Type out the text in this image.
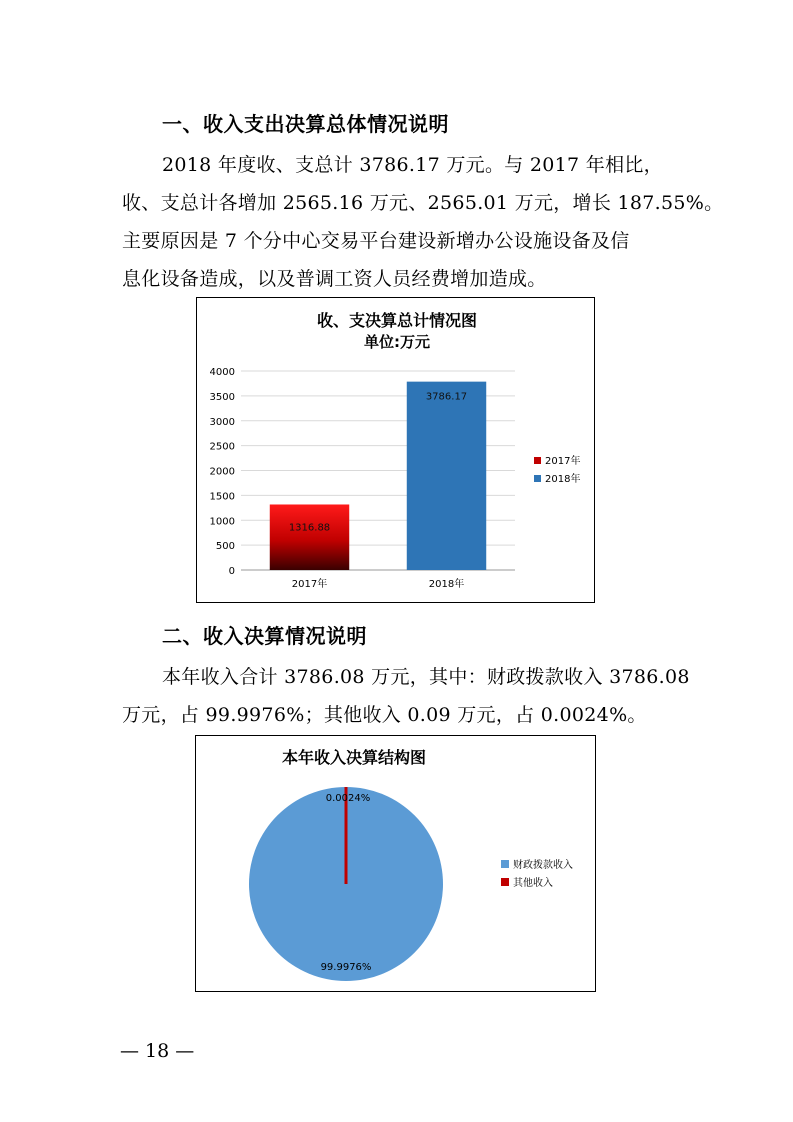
一、收入支出决算总体情况说明
2018 年度收、支总计 3786.17 万元。与 2017 年相比，
收、支总计各增加 2565.16 万元、2565.01 万元，增长 187.55%。
主要原因是 7 个分中心交易平台建设新增办公设施设备及信
息化设备造成，以及普调工资人员经费增加造成。
收、支决算总计情况图
单位:万元
0
500
1000
1500
2000
2500
3000
3500
4000
1316.88
2017年
3786.17
2018年
2017年
2018年
二、收入决算情况说明
本年收入合计 3786.08 万元，其中：财政拨款收入 3786.08
万元，占 99.9976%；其他收入 0.09 万元，占 0.0024%。
本年收入决算结构图
0.0024%
99.9976%
财政拨款收入
其他收入
— 18 —
